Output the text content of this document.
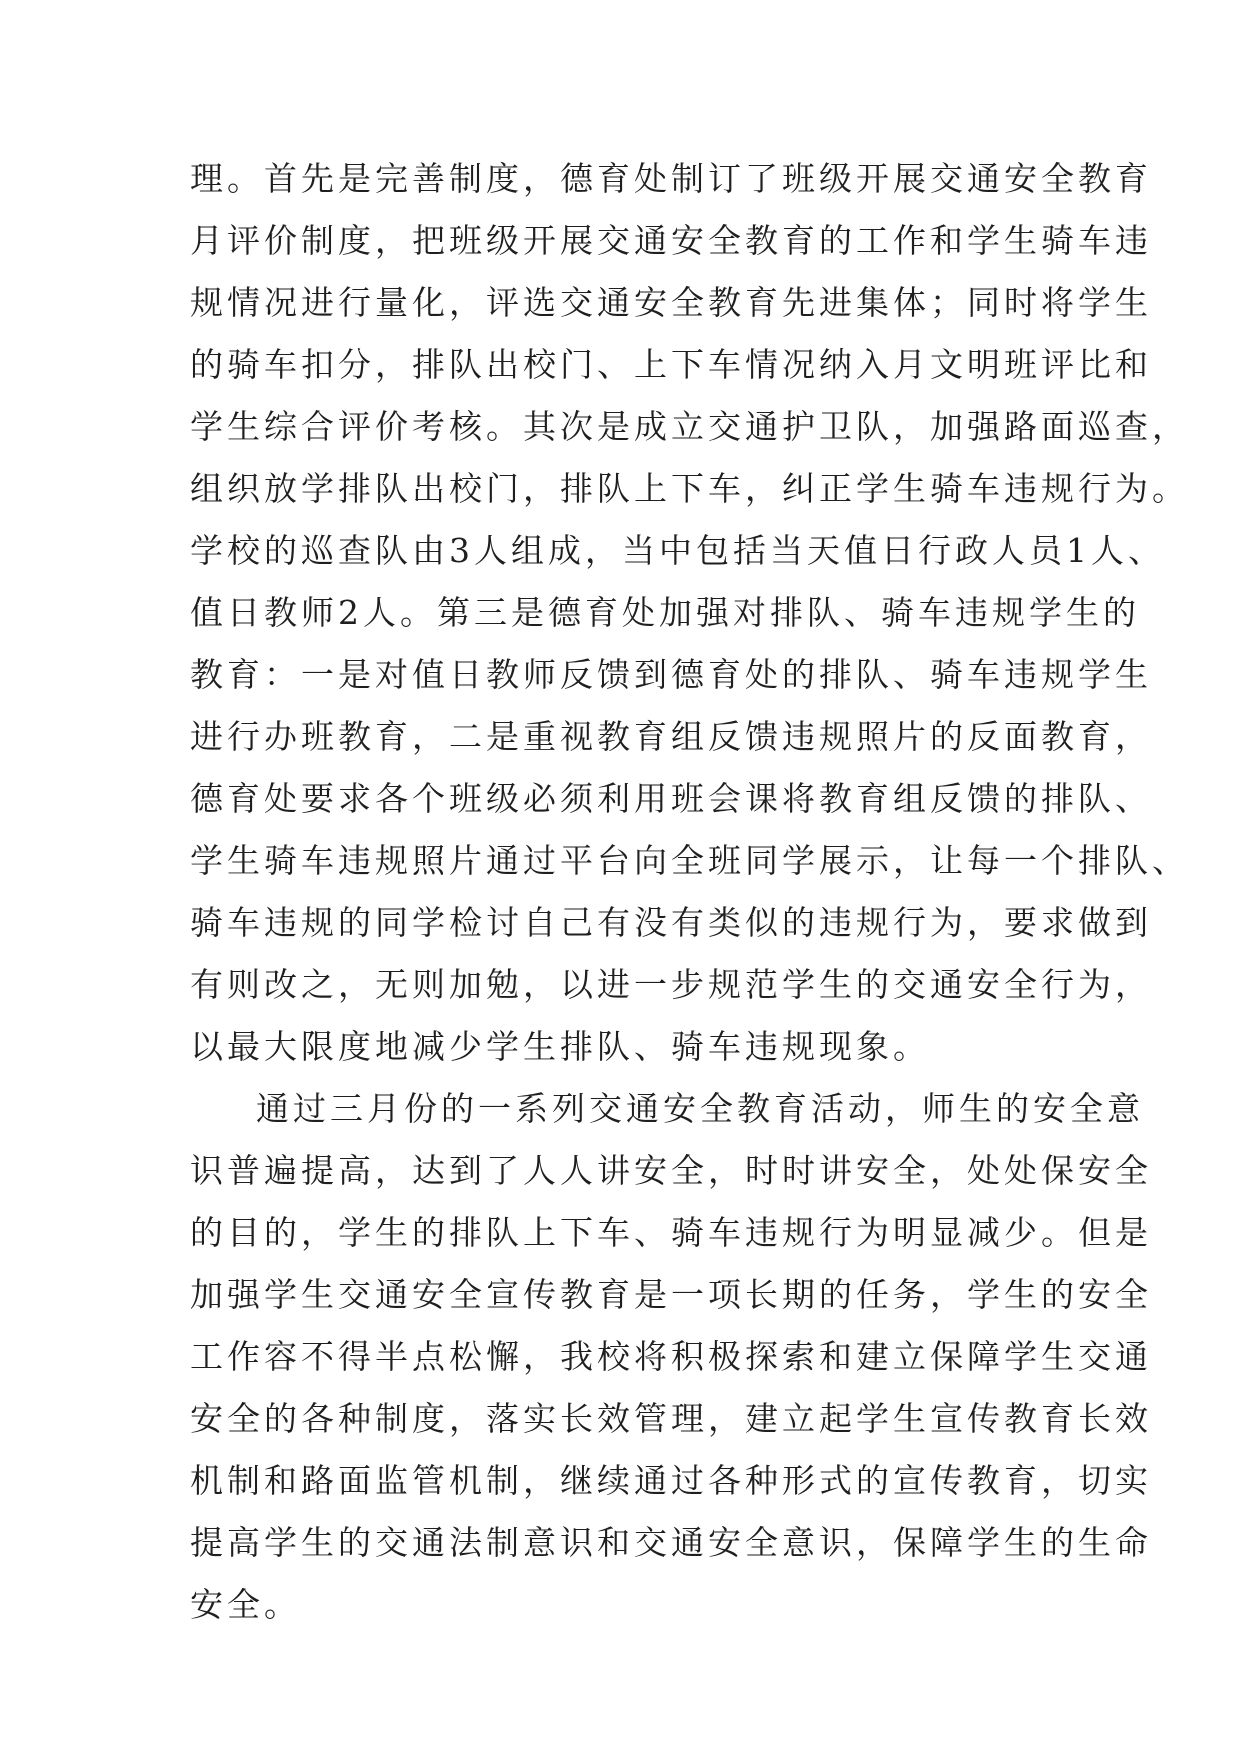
理。首先是完善制度，德育处制订了班级开展交通安全教育
月评价制度，把班级开展交通安全教育的工作和学生骑车违
规情况进行量化，评选交通安全教育先进集体；同时将学生
的骑车扣分，排队出校门、上下车情况纳入月文明班评比和
学生综合评价考核。其次是成立交通护卫队，加强路面巡查，
组织放学排队出校门，排队上下车，纠正学生骑车违规行为。
学校的巡查队由3人组成，当中包括当天值日行政人员1人、
值日教师2人。第三是德育处加强对排队、骑车违规学生的
教育：一是对值日教师反馈到德育处的排队、骑车违规学生
进行办班教育，二是重视教育组反馈违规照片的反面教育，
德育处要求各个班级必须利用班会课将教育组反馈的排队、
学生骑车违规照片通过平台向全班同学展示，让每一个排队、
骑车违规的同学检讨自己有没有类似的违规行为，要求做到
有则改之，无则加勉，以进一步规范学生的交通安全行为，
以最大限度地减少学生排队、骑车违规现象。
通过三月份的一系列交通安全教育活动，师生的安全意
识普遍提高，达到了人人讲安全，时时讲安全，处处保安全
的目的，学生的排队上下车、骑车违规行为明显减少。但是
加强学生交通安全宣传教育是一项长期的任务，学生的安全
工作容不得半点松懈，我校将积极探索和建立保障学生交通
安全的各种制度，落实长效管理，建立起学生宣传教育长效
机制和路面监管机制，继续通过各种形式的宣传教育，切实
提高学生的交通法制意识和交通安全意识，保障学生的生命
安全。
